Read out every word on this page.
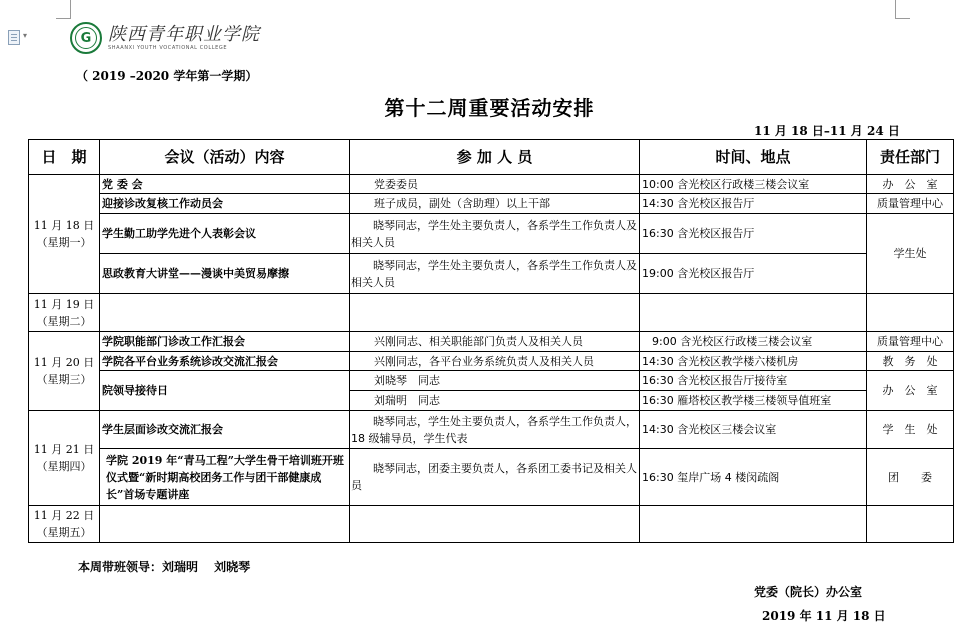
▾	G 陕西青年职业学院
SHAANXI YOUTH VOCATIONAL COLLEGE
（ 2019 –2020 学年第一学期）
第十二周重要活动安排
11 月 18 日–11 月 24 日
日　期	会议（活动）内容	参 加 人 员	时间、地点	责任部门

11 月 18 日
（星期一）	党 委 会	党委委员	10:00 含光校区行政楼三楼会议室	办　公　室
	迎接诊改复核工作动员会	班子成员，副处（含助理）以上干部	14:30 含光校区报告厅	质量管理中心
	学生勤工助学先进个人表彰会议	晓琴同志，学生处主要负责人，各系学生工作负责人及相关人员	16:30 含光校区报告厅	学生处
	思政教育大讲堂——漫谈中美贸易摩擦	晓琴同志，学生处主要负责人，各系学生工作负责人及相关人员	19:00 含光校区报告厅	

11 月 19 日
（星期二）				

11 月 20 日
（星期三）	学院职能部门诊改工作汇报会	兴刚同志、相关职能部门负责人及相关人员	9:00 含光校区行政楼三楼会议室	质量管理中心
	学院各平台业务系统诊改交流汇报会	兴刚同志，各平台业务系统负责人及相关人员	14:30 含光校区教学楼六楼机房	教　务　处
	院领导接待日	刘晓琴　同志	16:30 含光校区报告厅接待室	办　公　室
		刘瑞明　同志	16:30 雁塔校区教学楼三楼领导值班室	

11 月 21 日
（星期四）	学生层面诊改交流汇报会	晓琴同志，学生处主要负责人，各系学生工作负责人，18 级辅导员，学生代表	14:30 含光校区三楼会议室	学　生　处
	学院 2019 年“青马工程”大学生骨干培训班开班仪式暨“新时期高校团务工作与团干部健康成长”首场专题讲座	晓琴同志，团委主要负责人，各系团工委书记及相关人员	16:30 玺岸广场 4 楼闵疏阁	团　　委

11 月 22 日
（星期五）				

本周带班领导：刘瑞明 刘晓琴
党委（院长）办公室
2019 年 11 月 18 日
